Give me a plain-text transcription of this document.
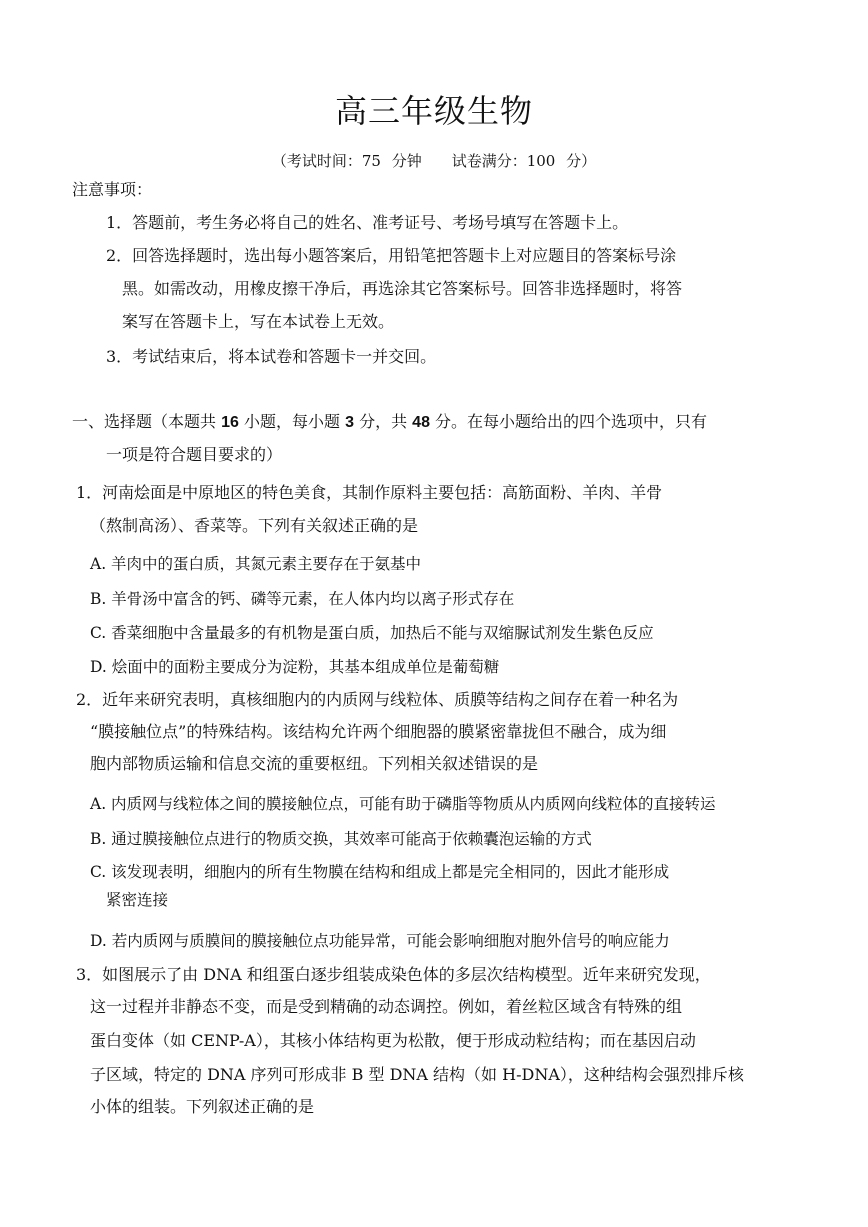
高三年级生物
（考试时间：75 分钟　　试卷满分：100 分）
注意事项：
1．答题前，考生务必将自己的姓名、准考证号、考场号填写在答题卡上。
2．回答选择题时，选出每小题答案后，用铅笔把答题卡上对应题目的答案标号涂
黑。如需改动，用橡皮擦干净后，再选涂其它答案标号。回答非选择题时，将答
案写在答题卡上，写在本试卷上无效。
3．考试结束后，将本试卷和答题卡一并交回。
一、选择题（本题共 16 小题，每小题 3 分，共 48 分。在每小题给出的四个选项中，只有
一项是符合题目要求的）
1．河南烩面是中原地区的特色美食，其制作原料主要包括：高筋面粉、羊肉、羊骨
（熬制高汤）、香菜等。下列有关叙述正确的是
A. 羊肉中的蛋白质，其氮元素主要存在于氨基中
B. 羊骨汤中富含的钙、磷等元素，在人体内均以离子形式存在
C. 香菜细胞中含量最多的有机物是蛋白质，加热后不能与双缩脲试剂发生紫色反应
D. 烩面中的面粉主要成分为淀粉，其基本组成单位是葡萄糖
2．近年来研究表明，真核细胞内的内质网与线粒体、质膜等结构之间存在着一种名为
“膜接触位点”的特殊结构。该结构允许两个细胞器的膜紧密靠拢但不融合，成为细
胞内部物质运输和信息交流的重要枢纽。下列相关叙述错误的是
A. 内质网与线粒体之间的膜接触位点，可能有助于磷脂等物质从内质网向线粒体的直接转运
B. 通过膜接触位点进行的物质交换，其效率可能高于依赖囊泡运输的方式
C. 该发现表明，细胞内的所有生物膜在结构和组成上都是完全相同的，因此才能形成
紧密连接
D. 若内质网与质膜间的膜接触位点功能异常，可能会影响细胞对胞外信号的响应能力
3．如图展示了由 DNA 和组蛋白逐步组装成染色体的多层次结构模型。近年来研究发现，
这一过程并非静态不变，而是受到精确的动态调控。例如，着丝粒区域含有特殊的组
蛋白变体（如 CENP-A），其核小体结构更为松散，便于形成动粒结构；而在基因启动
子区域，特定的 DNA 序列可形成非 B 型 DNA 结构（如 H-DNA），这种结构会强烈排斥核
小体的组装。下列叙述正确的是
